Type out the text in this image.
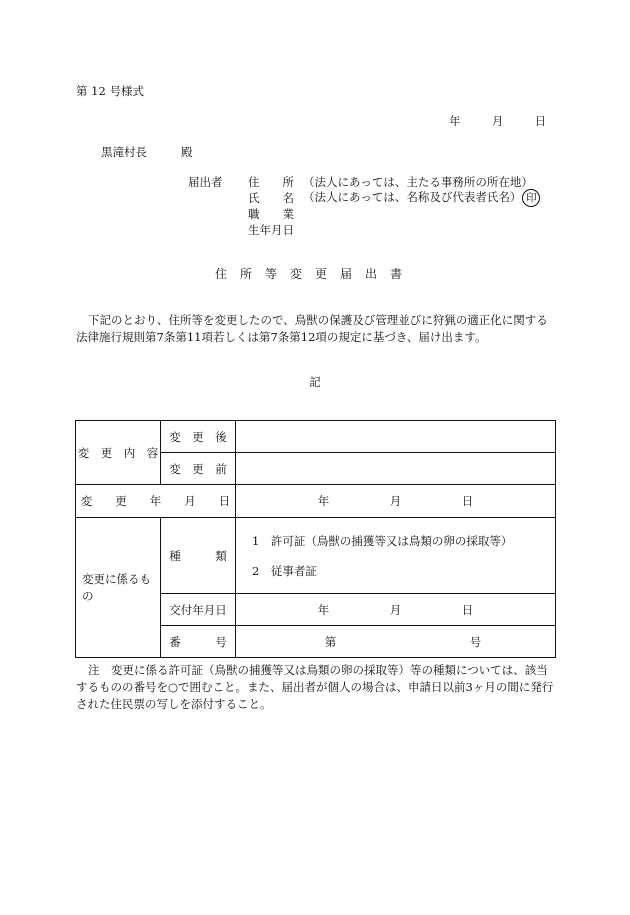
第 12 号様式
年	月	日
黒滝村長	殿
届出者 住　　所 （法人にあっては、主たる事務所の所在地）
氏　　名 （法人にあっては、名称及び代表者氏名） 印
職　　業
生年月日
住所等変更届出書
下記のとおり、住所等を変更したので、鳥獣の保護及び管理並びに狩猟の適正化に関する法律施行規則第7条第11項若しくは第7条第12項の規定に基づき、届け出ます。
記
変　更　内　容	変　更　後	
	変　更　前	
変　　更　　年　　月　　日		年 月 日

変更に係るもの	種　　　類	1　許可証（鳥獣の捕獲等又は鳥類の卵の採取等）
2　従事者証

	交付年月日	年 月 日

	番　　　号	第 号
注　変更に係る許可証（鳥獣の捕獲等又は鳥類の卵の採取等）等の種類については、該当するものの番号を○で囲むこと。また、届出者が個人の場合は、申請日以前3ヶ月の間に発行された住民票の写しを添付すること。
